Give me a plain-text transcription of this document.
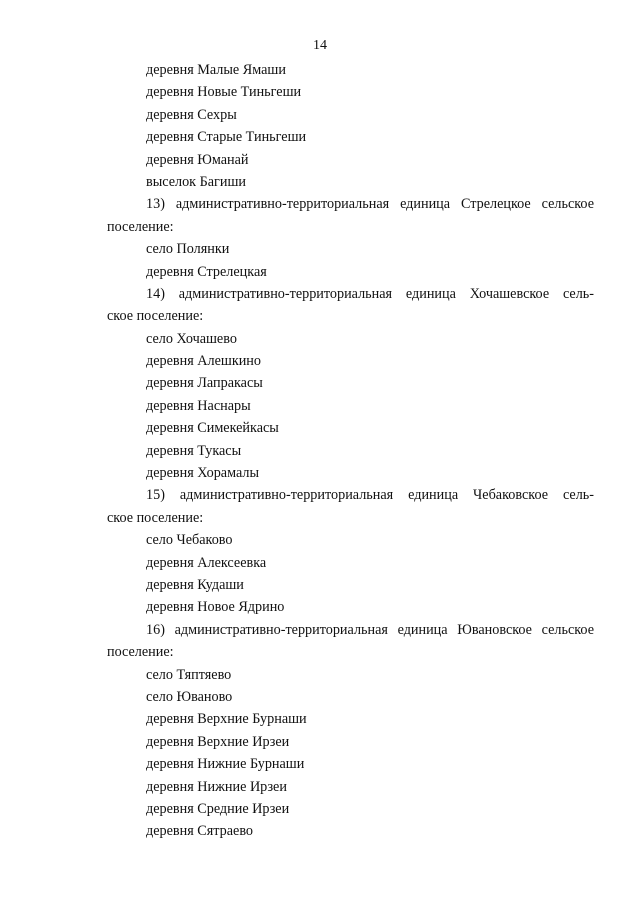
14
деревня Малые Ямаши
деревня Новые Тиньгеши
деревня Сехры
деревня Старые Тиньгеши
деревня Юманай
выселок Багиши
13) административно-территориальная единица Стрелецкое сельское
поселение:
село Полянки
деревня Стрелецкая
14) административно-территориальная единица Хочашевское сель-
ское поселение:
село Хочашево
деревня Алешкино
деревня Лапракасы
деревня Наснары
деревня Симекейкасы
деревня Тукасы
деревня Хорамалы
15) административно-территориальная единица Чебаковское сель-
ское поселение:
село Чебаково
деревня Алексеевка
деревня Кудаши
деревня Новое Ядрино
16) административно-территориальная единица Ювановское сельское
поселение:
село Тяптяево
село Юваново
деревня Верхние Бурнаши
деревня Верхние Ирзеи
деревня Нижние Бурнаши
деревня Нижние Ирзеи
деревня Средние Ирзеи
деревня Сятраево
